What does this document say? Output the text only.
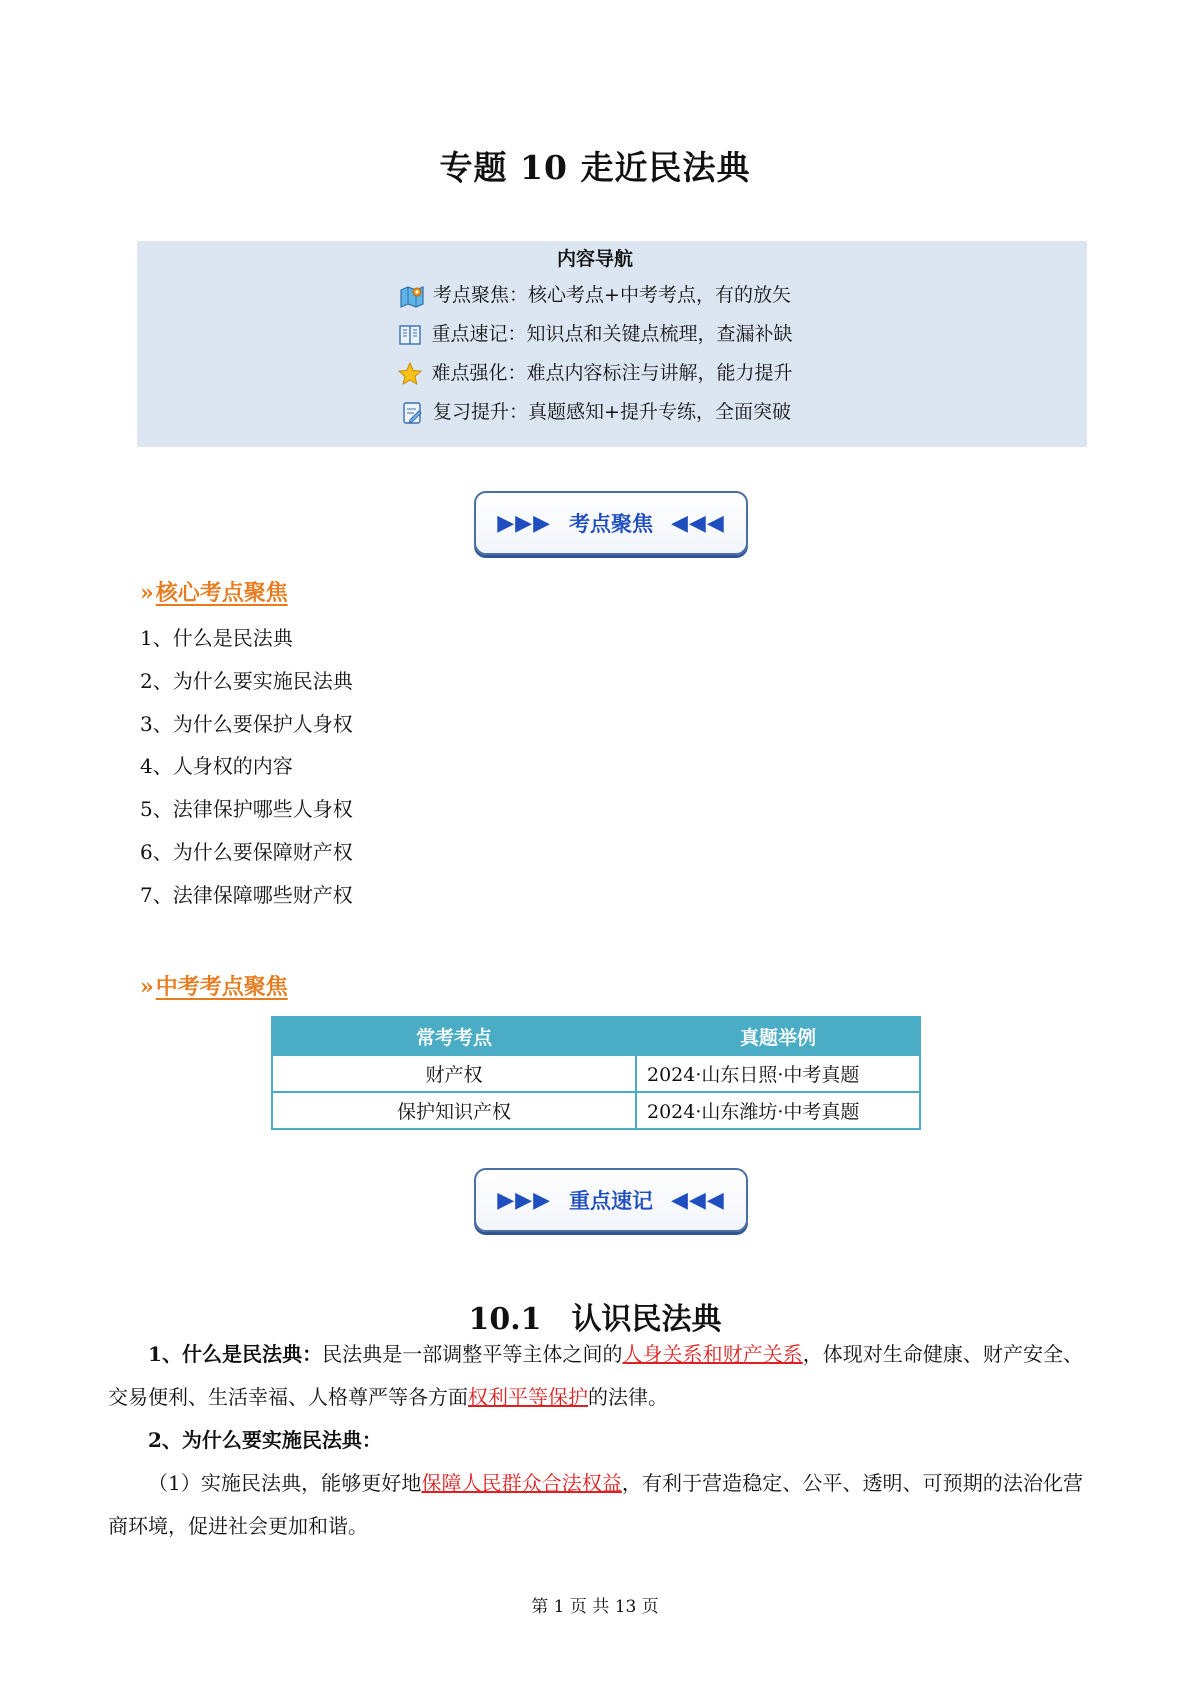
专题 10 走近民法典
内容导航
考点聚焦：核心考点+中考考点，有的放矢
重点速记：知识点和关键点梳理，查漏补缺
难点强化：难点内容标注与讲解，能力提升
复习提升：真题感知+提升专练，全面突破
▶▶▶ 考点聚焦 ◀◀◀
»核心考点聚焦
1、什么是民法典
2、为什么要实施民法典
3、为什么要保护人身权
4、人身权的内容
5、法律保护哪些人身权
6、为什么要保障财产权
7、法律保障哪些财产权
»中考考点聚焦
常考考点	真题举例
财产权	2024·山东日照·中考真题
保护知识产权	2024·山东潍坊·中考真题
▶▶▶ 重点速记 ◀◀◀
10.1　认识民法典
1、什么是民法典：民法典是一部调整平等主体之间的人身关系和财产关系，体现对生命健康、财产安全、交易便利、生活幸福、人格尊严等各方面权利平等保护的法律。
2、为什么要实施民法典：
（1）实施民法典，能够更好地保障人民群众合法权益，有利于营造稳定、公平、透明、可预期的法治化营商环境，促进社会更加和谐。
第 1 页 共 13 页
